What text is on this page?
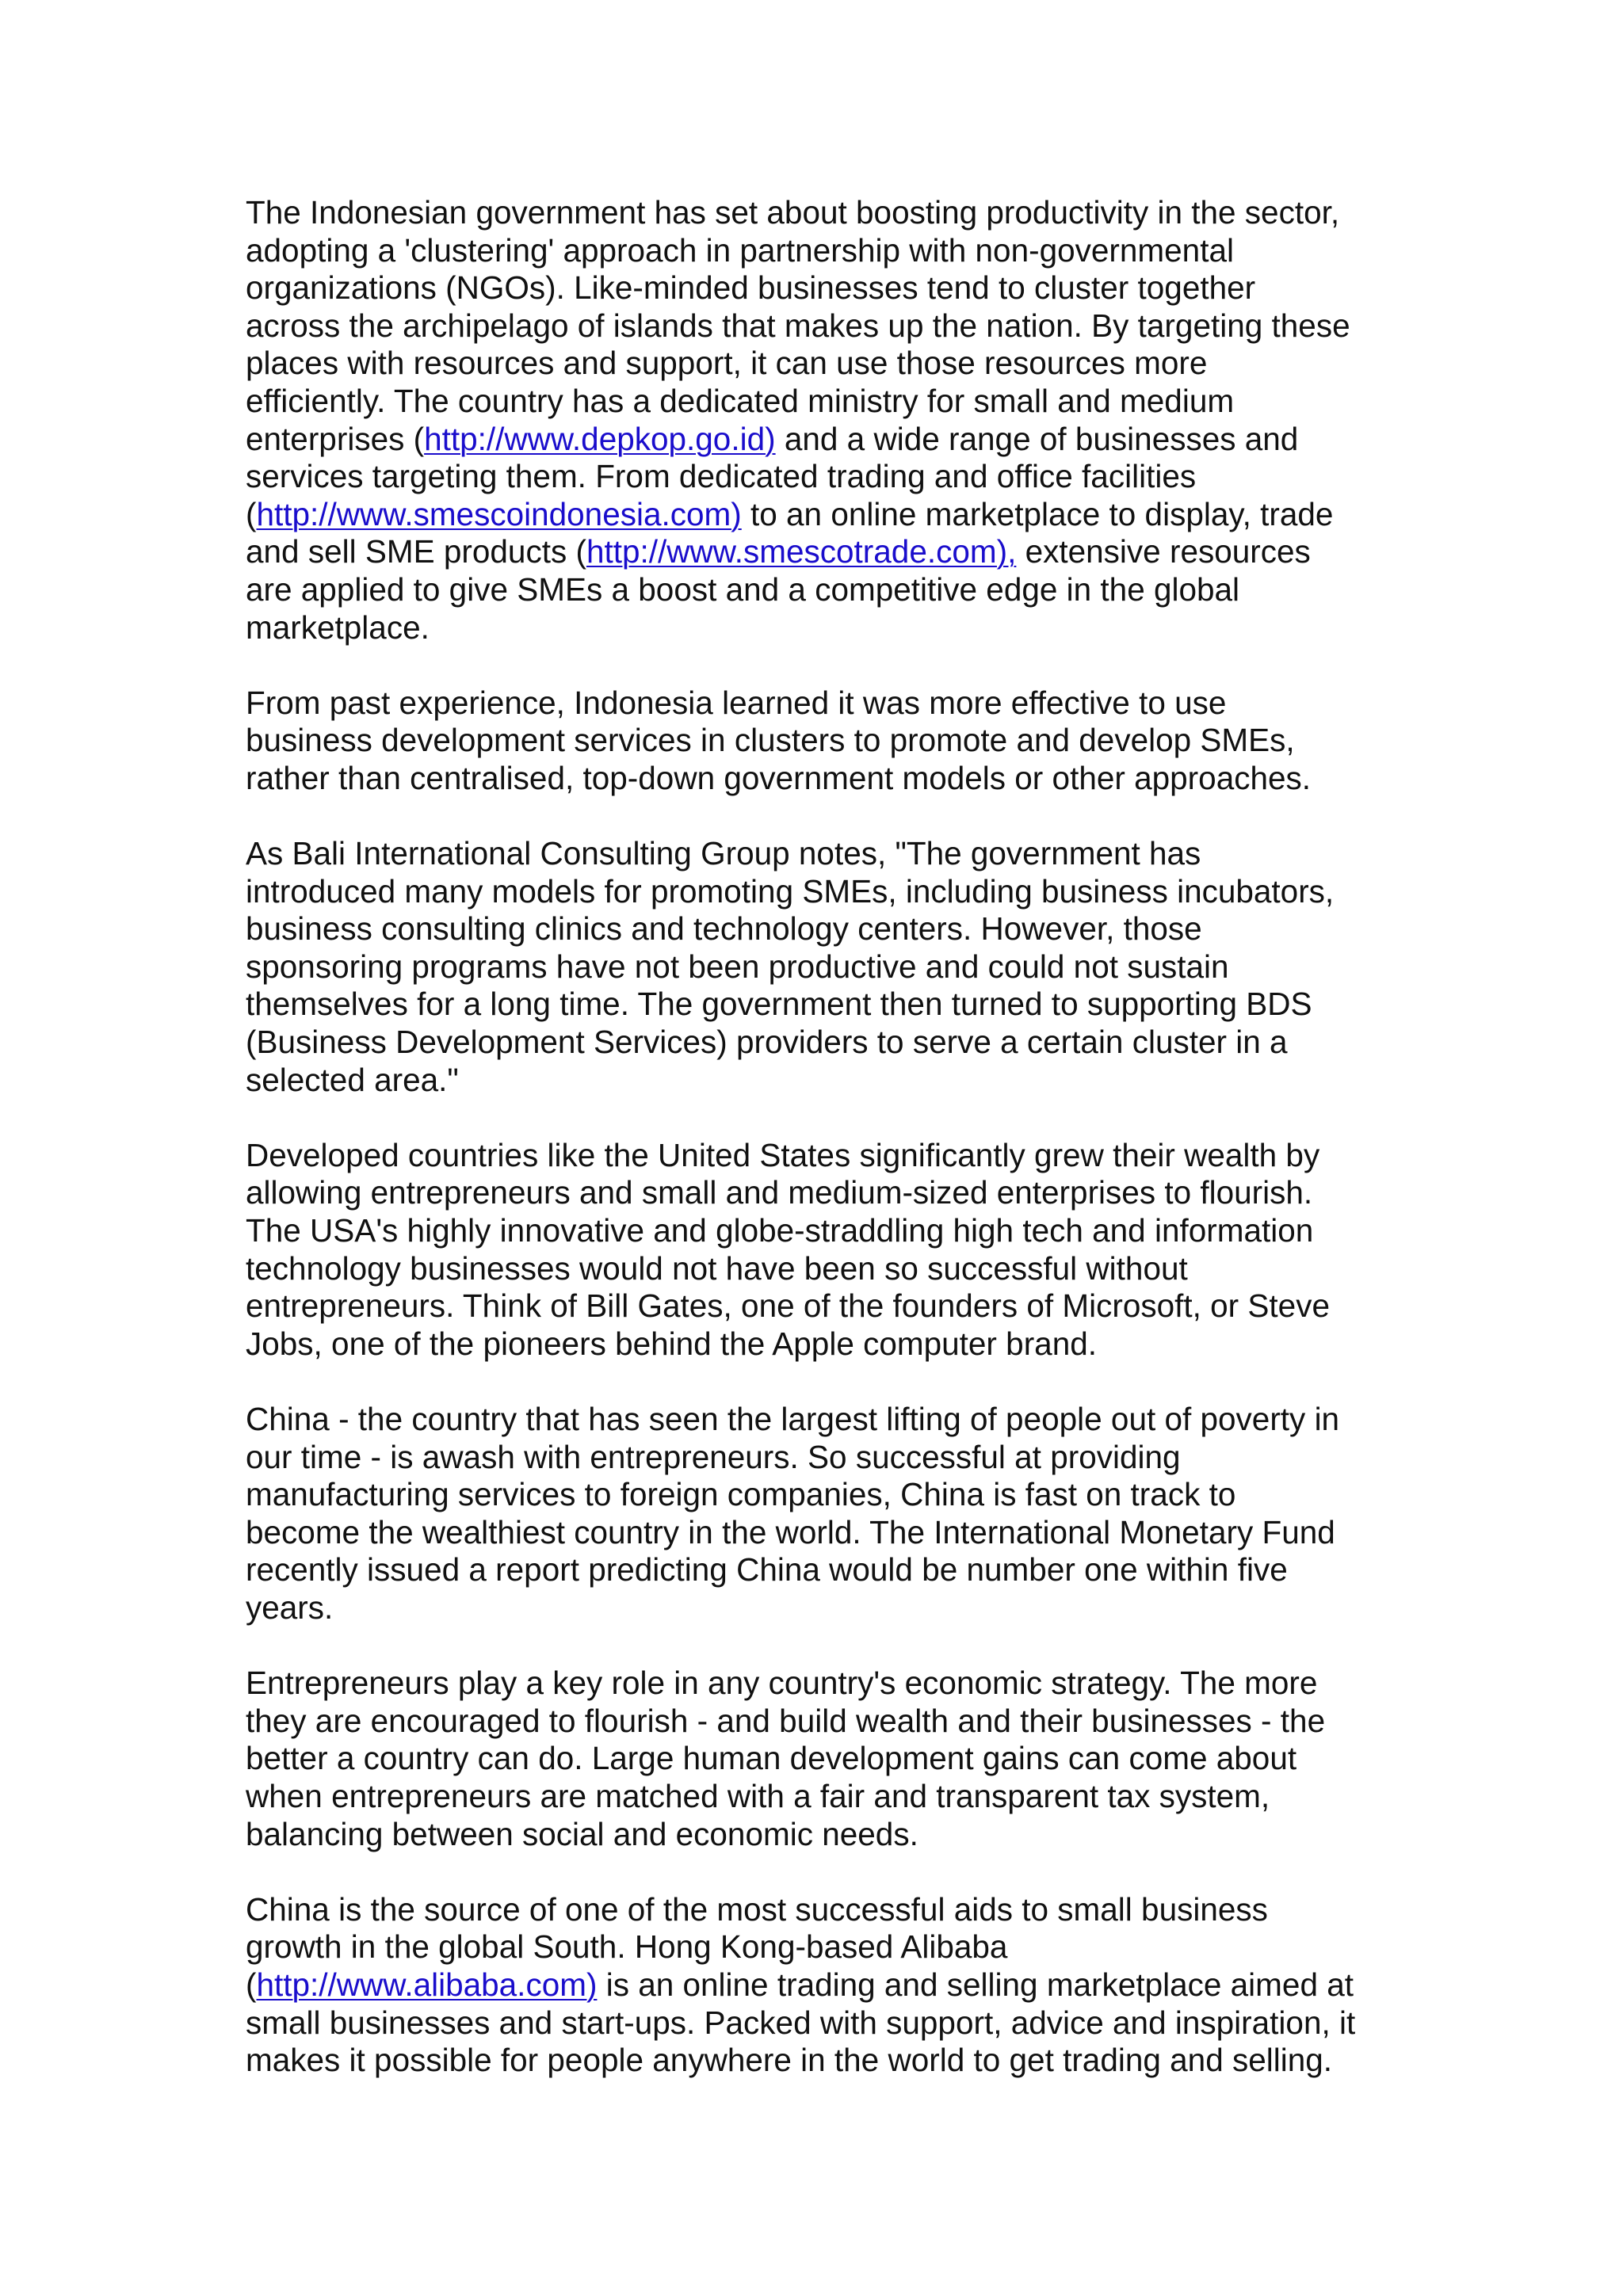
The Indonesian government has set about boosting productivity in the sector,
adopting a 'clustering' approach in partnership with non-governmental
organizations (NGOs). Like-minded businesses tend to cluster together
across the archipelago of islands that makes up the nation. By targeting these
places with resources and support, it can use those resources more
efficiently. The country has a dedicated ministry for small and medium
enterprises (http://www.depkop.go.id) and a wide range of businesses and
services targeting them. From dedicated trading and office facilities
(http://www.smescoindonesia.com) to an online marketplace to display, trade
and sell SME products (http://www.smescotrade.com), extensive resources
are applied to give SMEs a boost and a competitive edge in the global
marketplace.
From past experience, Indonesia learned it was more effective to use
business development services in clusters to promote and develop SMEs,
rather than centralised, top-down government models or other approaches.
As Bali International Consulting Group notes, "The government has
introduced many models for promoting SMEs, including business incubators,
business consulting clinics and technology centers. However, those
sponsoring programs have not been productive and could not sustain
themselves for a long time. The government then turned to supporting BDS
(Business Development Services) providers to serve a certain cluster in a
selected area."
Developed countries like the United States significantly grew their wealth by
allowing entrepreneurs and small and medium-sized enterprises to flourish.
The USA's highly innovative and globe-straddling high tech and information
technology businesses would not have been so successful without
entrepreneurs. Think of Bill Gates, one of the founders of Microsoft, or Steve
Jobs, one of the pioneers behind the Apple computer brand.
China - the country that has seen the largest lifting of people out of poverty in
our time - is awash with entrepreneurs. So successful at providing
manufacturing services to foreign companies, China is fast on track to
become the wealthiest country in the world. The International Monetary Fund
recently issued a report predicting China would be number one within five
years.
Entrepreneurs play a key role in any country's economic strategy. The more
they are encouraged to flourish - and build wealth and their businesses - the
better a country can do. Large human development gains can come about
when entrepreneurs are matched with a fair and transparent tax system,
balancing between social and economic needs.
China is the source of one of the most successful aids to small business
growth in the global South. Hong Kong-based Alibaba
(http://www.alibaba.com) is an online trading and selling marketplace aimed at
small businesses and start-ups. Packed with support, advice and inspiration, it
makes it possible for people anywhere in the world to get trading and selling.
